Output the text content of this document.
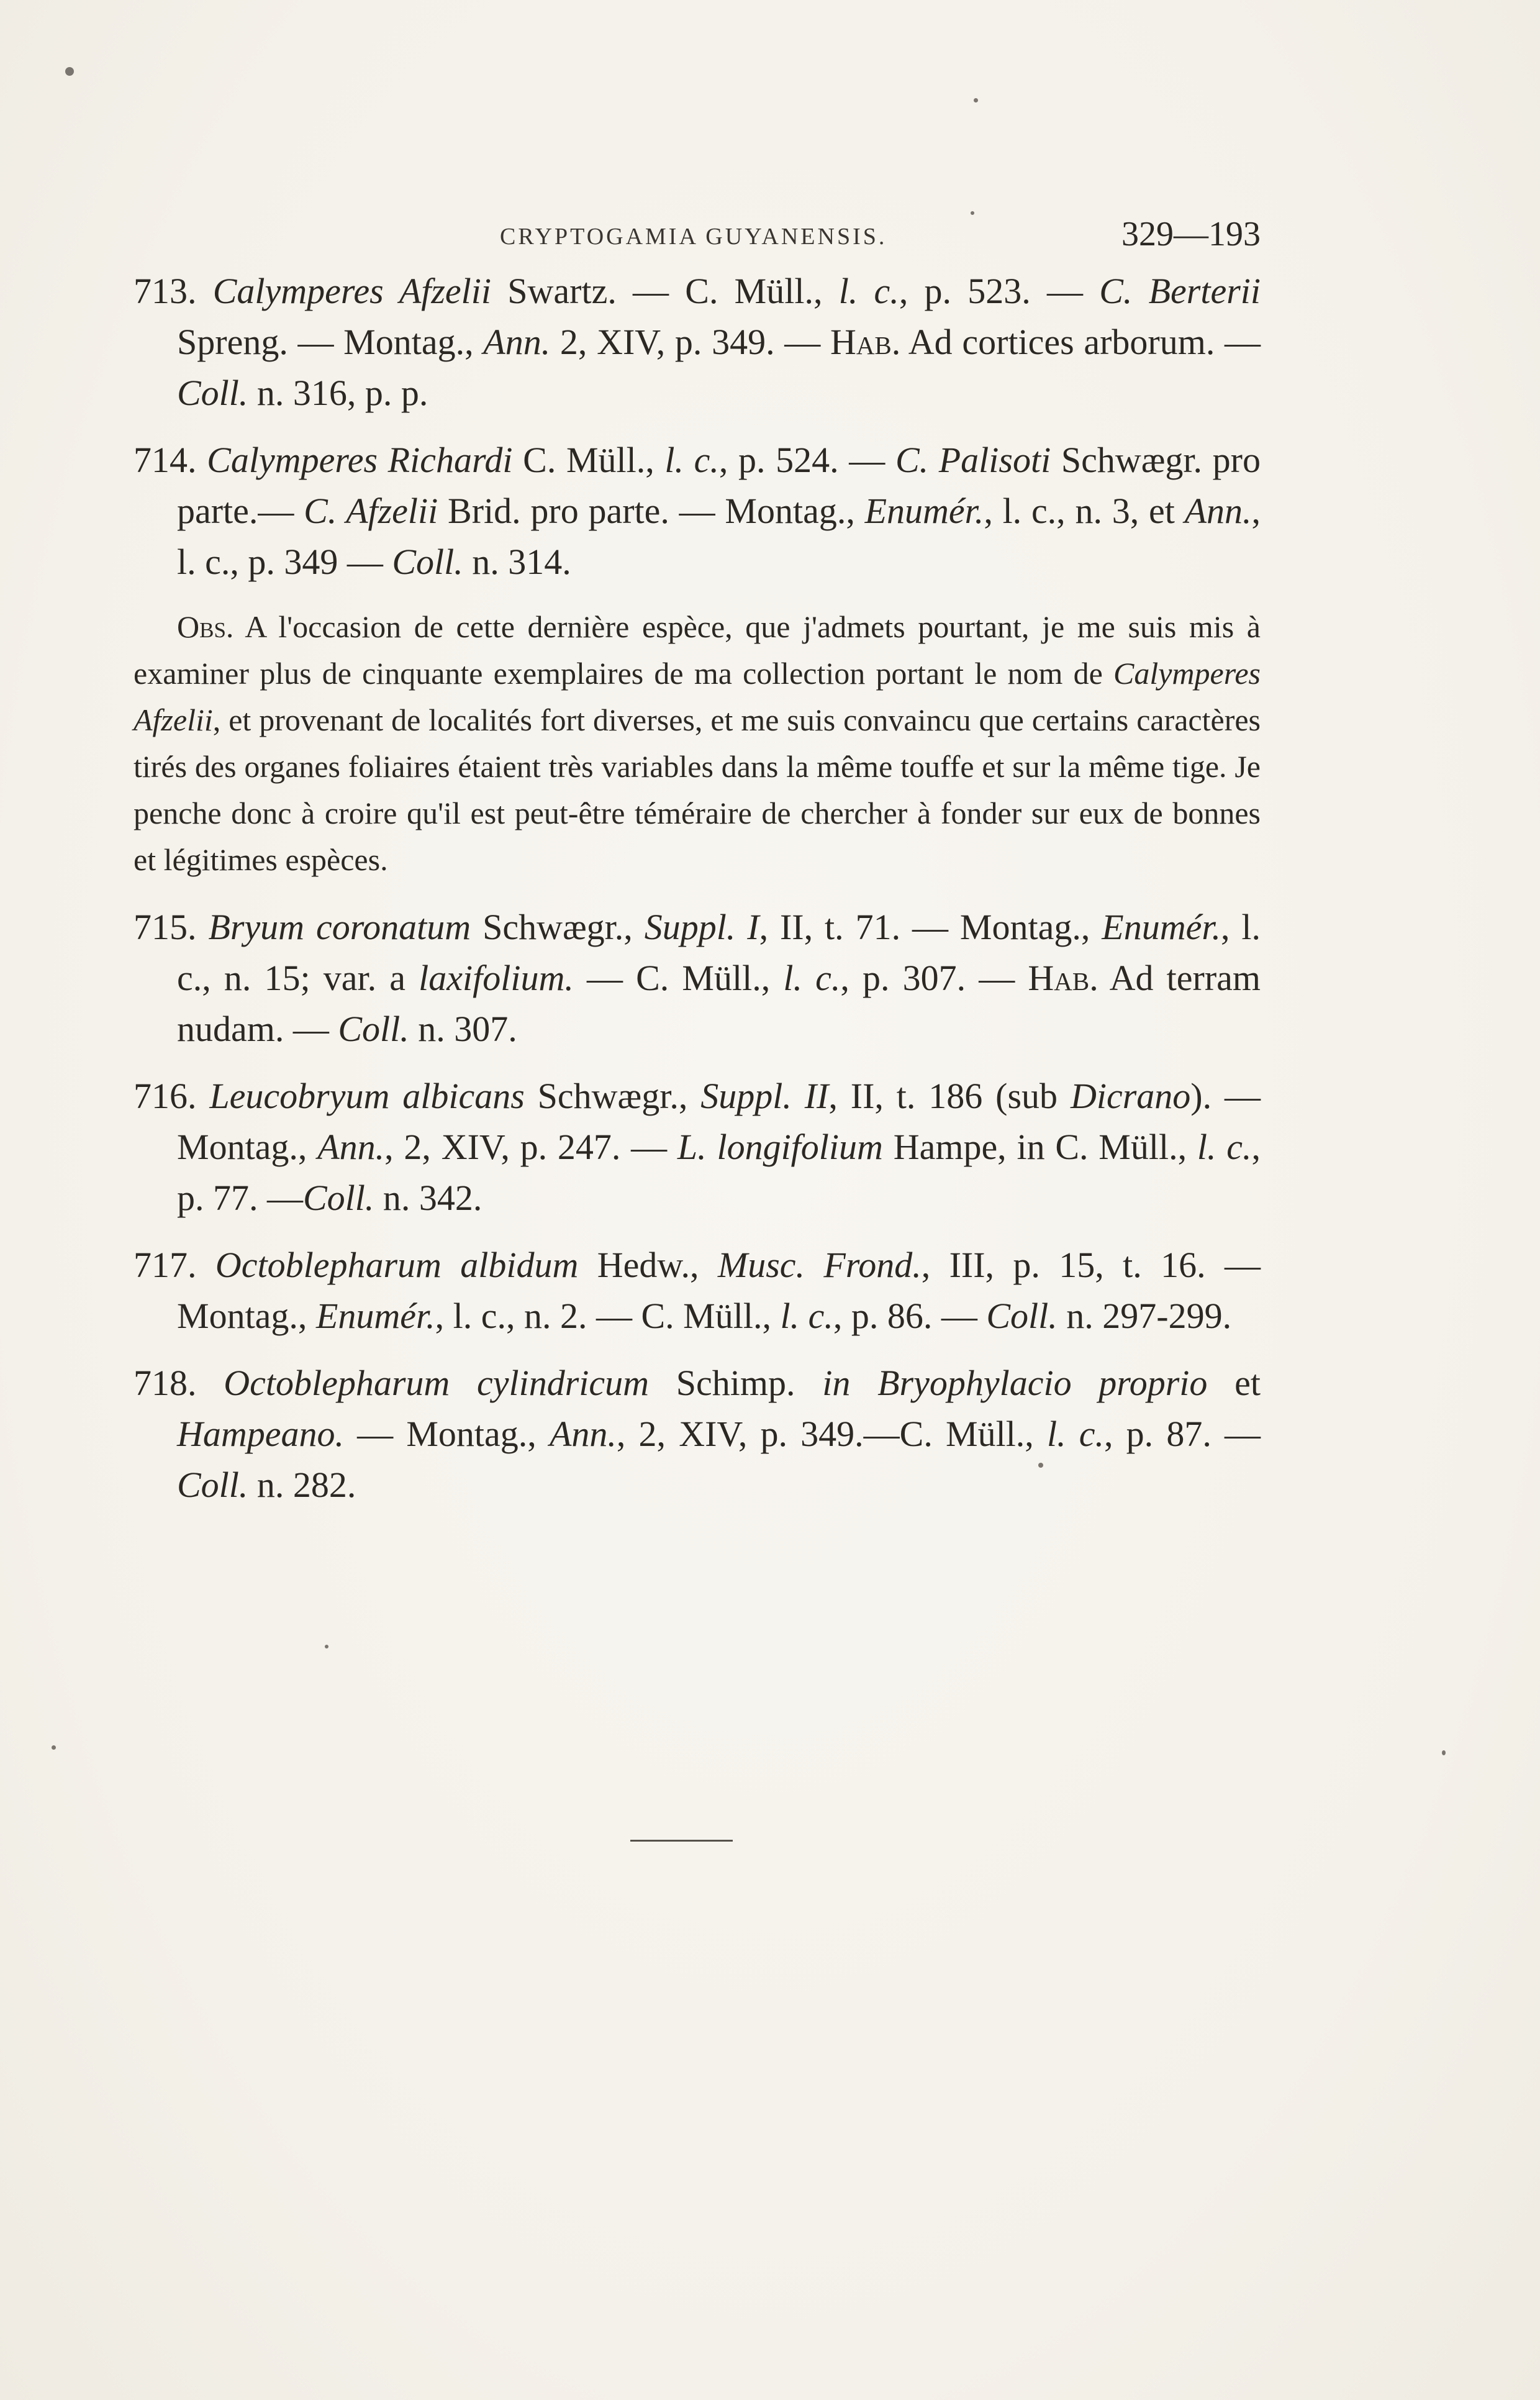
CRYPTOGAMIA GUYANENSIS.	329—193

713. Calymperes Afzelii Swartz. — C. Müll., l. c., p. 523. — C. Berterii Spreng. — Montag., Ann. 2, XIV, p. 349. — Hab. Ad cortices arborum. —Coll. n. 316, p. p.

714. Calymperes Richardi C. Müll., l. c., p. 524. — C. Palisoti Schwægr. pro parte.— C. Afzelii Brid. pro parte. — Montag., Enumér., l. c., n. 3, et Ann., l. c., p. 349 — Coll. n. 314.

Obs. A l'occasion de cette dernière espèce, que j'admets pourtant, je me suis mis à examiner plus de cinquante exemplaires de ma collection portant le nom de Calymperes Afzelii, et provenant de localités fort diverses, et me suis convaincu que certains caractères tirés des organes foliaires étaient très variables dans la même touffe et sur la même tige. Je penche donc à croire qu'il est peut-être téméraire de chercher à fonder sur eux de bonnes et légitimes espèces.

715. Bryum coronatum Schwægr., Suppl. I, II, t. 71. — Montag., Enumér., l. c., n. 15; var. a laxifolium. — C. Müll., l. c., p. 307. — Hab. Ad terram nudam. — Coll. n. 307.

716. Leucobryum albicans Schwægr., Suppl. II, II, t. 186 (sub Dicrano). — Montag., Ann., 2, XIV, p. 247. — L. longifolium Hampe, in C. Müll., l. c., p. 77. —Coll. n. 342.

717. Octoblepharum albidum Hedw., Musc. Frond., III, p. 15, t. 16. — Montag., Enumér., l. c., n. 2. — C. Müll., l. c., p. 86. — Coll. n. 297-299.

718. Octoblepharum cylindricum Schimp. in Bryophylacio proprio et Hampeano. — Montag., Ann., 2, XIV, p. 349.—C. Müll., l. c., p. 87. — Coll. n. 282.
